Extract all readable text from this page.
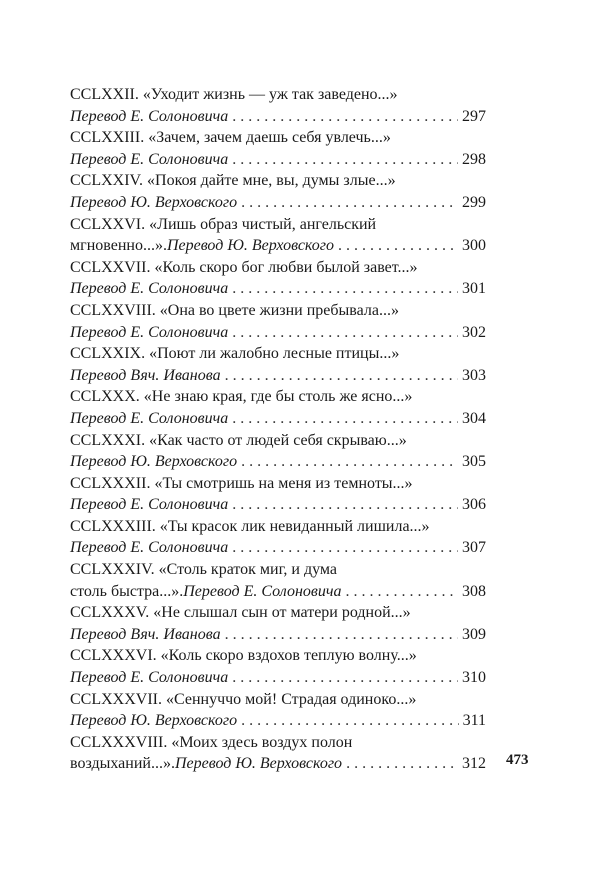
CCLXXII. «Уходит жизнь — уж так заведено...»
Перевод Е. Солоновича . . .	297
CCLXXIII. «Зачем, зачем даешь себя увлечь...»
Перевод Е. Солоновича . . .	298
CCLXXIV. «Покоя дайте мне, вы, думы злые...»
Перевод Ю. Верховского . . .	299
CCLXXVI. «Лишь образ чистый, ангельский
мгновенно...». Перевод Ю. Верховского . . .	300
CCLXXVII. «Коль скоро бог любви былой завет...»
Перевод Е. Солоновича . . .	301
CCLXXVIII. «Она во цвете жизни пребывала...»
Перевод Е. Солоновича . . .	302
CCLXXIX. «Поют ли жалобно лесные птицы...»
Перевод Вяч. Иванова . . .	303
CCLXXX. «Не знаю края, где бы столь же ясно...»
Перевод Е. Солоновича . . .	304
CCLXXXI. «Как часто от людей себя скрываю...»
Перевод Ю. Верховского . . .	305
CCLXXXII. «Ты смотришь на меня из темноты...»
Перевод Е. Солоновича . . .	306
CCLXXXIII. «Ты красок лик невиданный лишила...»
Перевод Е. Солоновича . . .	307
CCLXXXIV. «Столь краток миг, и дума
столь быстра...». Перевод Е. Солоновича . . .	308
CCLXXXV. «Не слышал сын от матери родной...»
Перевод Вяч. Иванова . . .	309
CCLXXXVI. «Коль скоро вздохов теплую волну...»
Перевод Е. Солоновича . . .	310
CCLXXXVII. «Сеннуччо мой! Страдая одиноко...»
Перевод Ю. Верховского . . .	311
CCLXXXVIII. «Моих здесь воздух полон
воздыханий...». Перевод Ю. Верховского . . .	312 473
